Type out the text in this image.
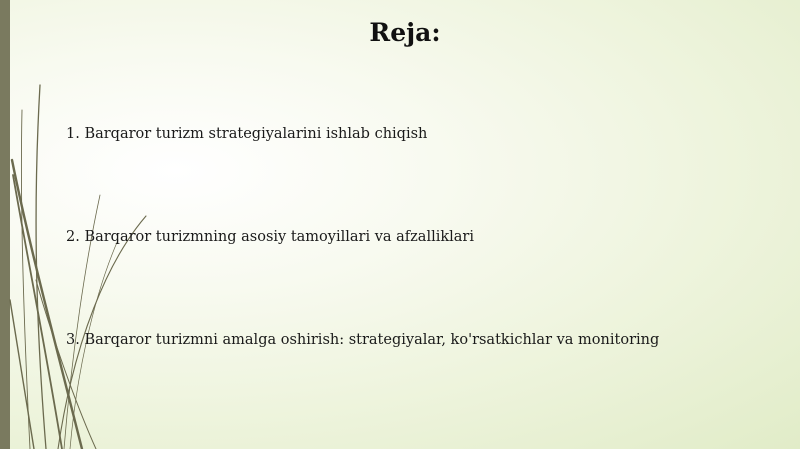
Reja:
1. Barqaror turizm strategiyalarini ishlab chiqish
2. Barqaror turizmning asosiy tamoyillari va afzalliklari
3. Barqaror turizmni amalga oshirish: strategiyalar, ko'rsatkichlar va monitoring
